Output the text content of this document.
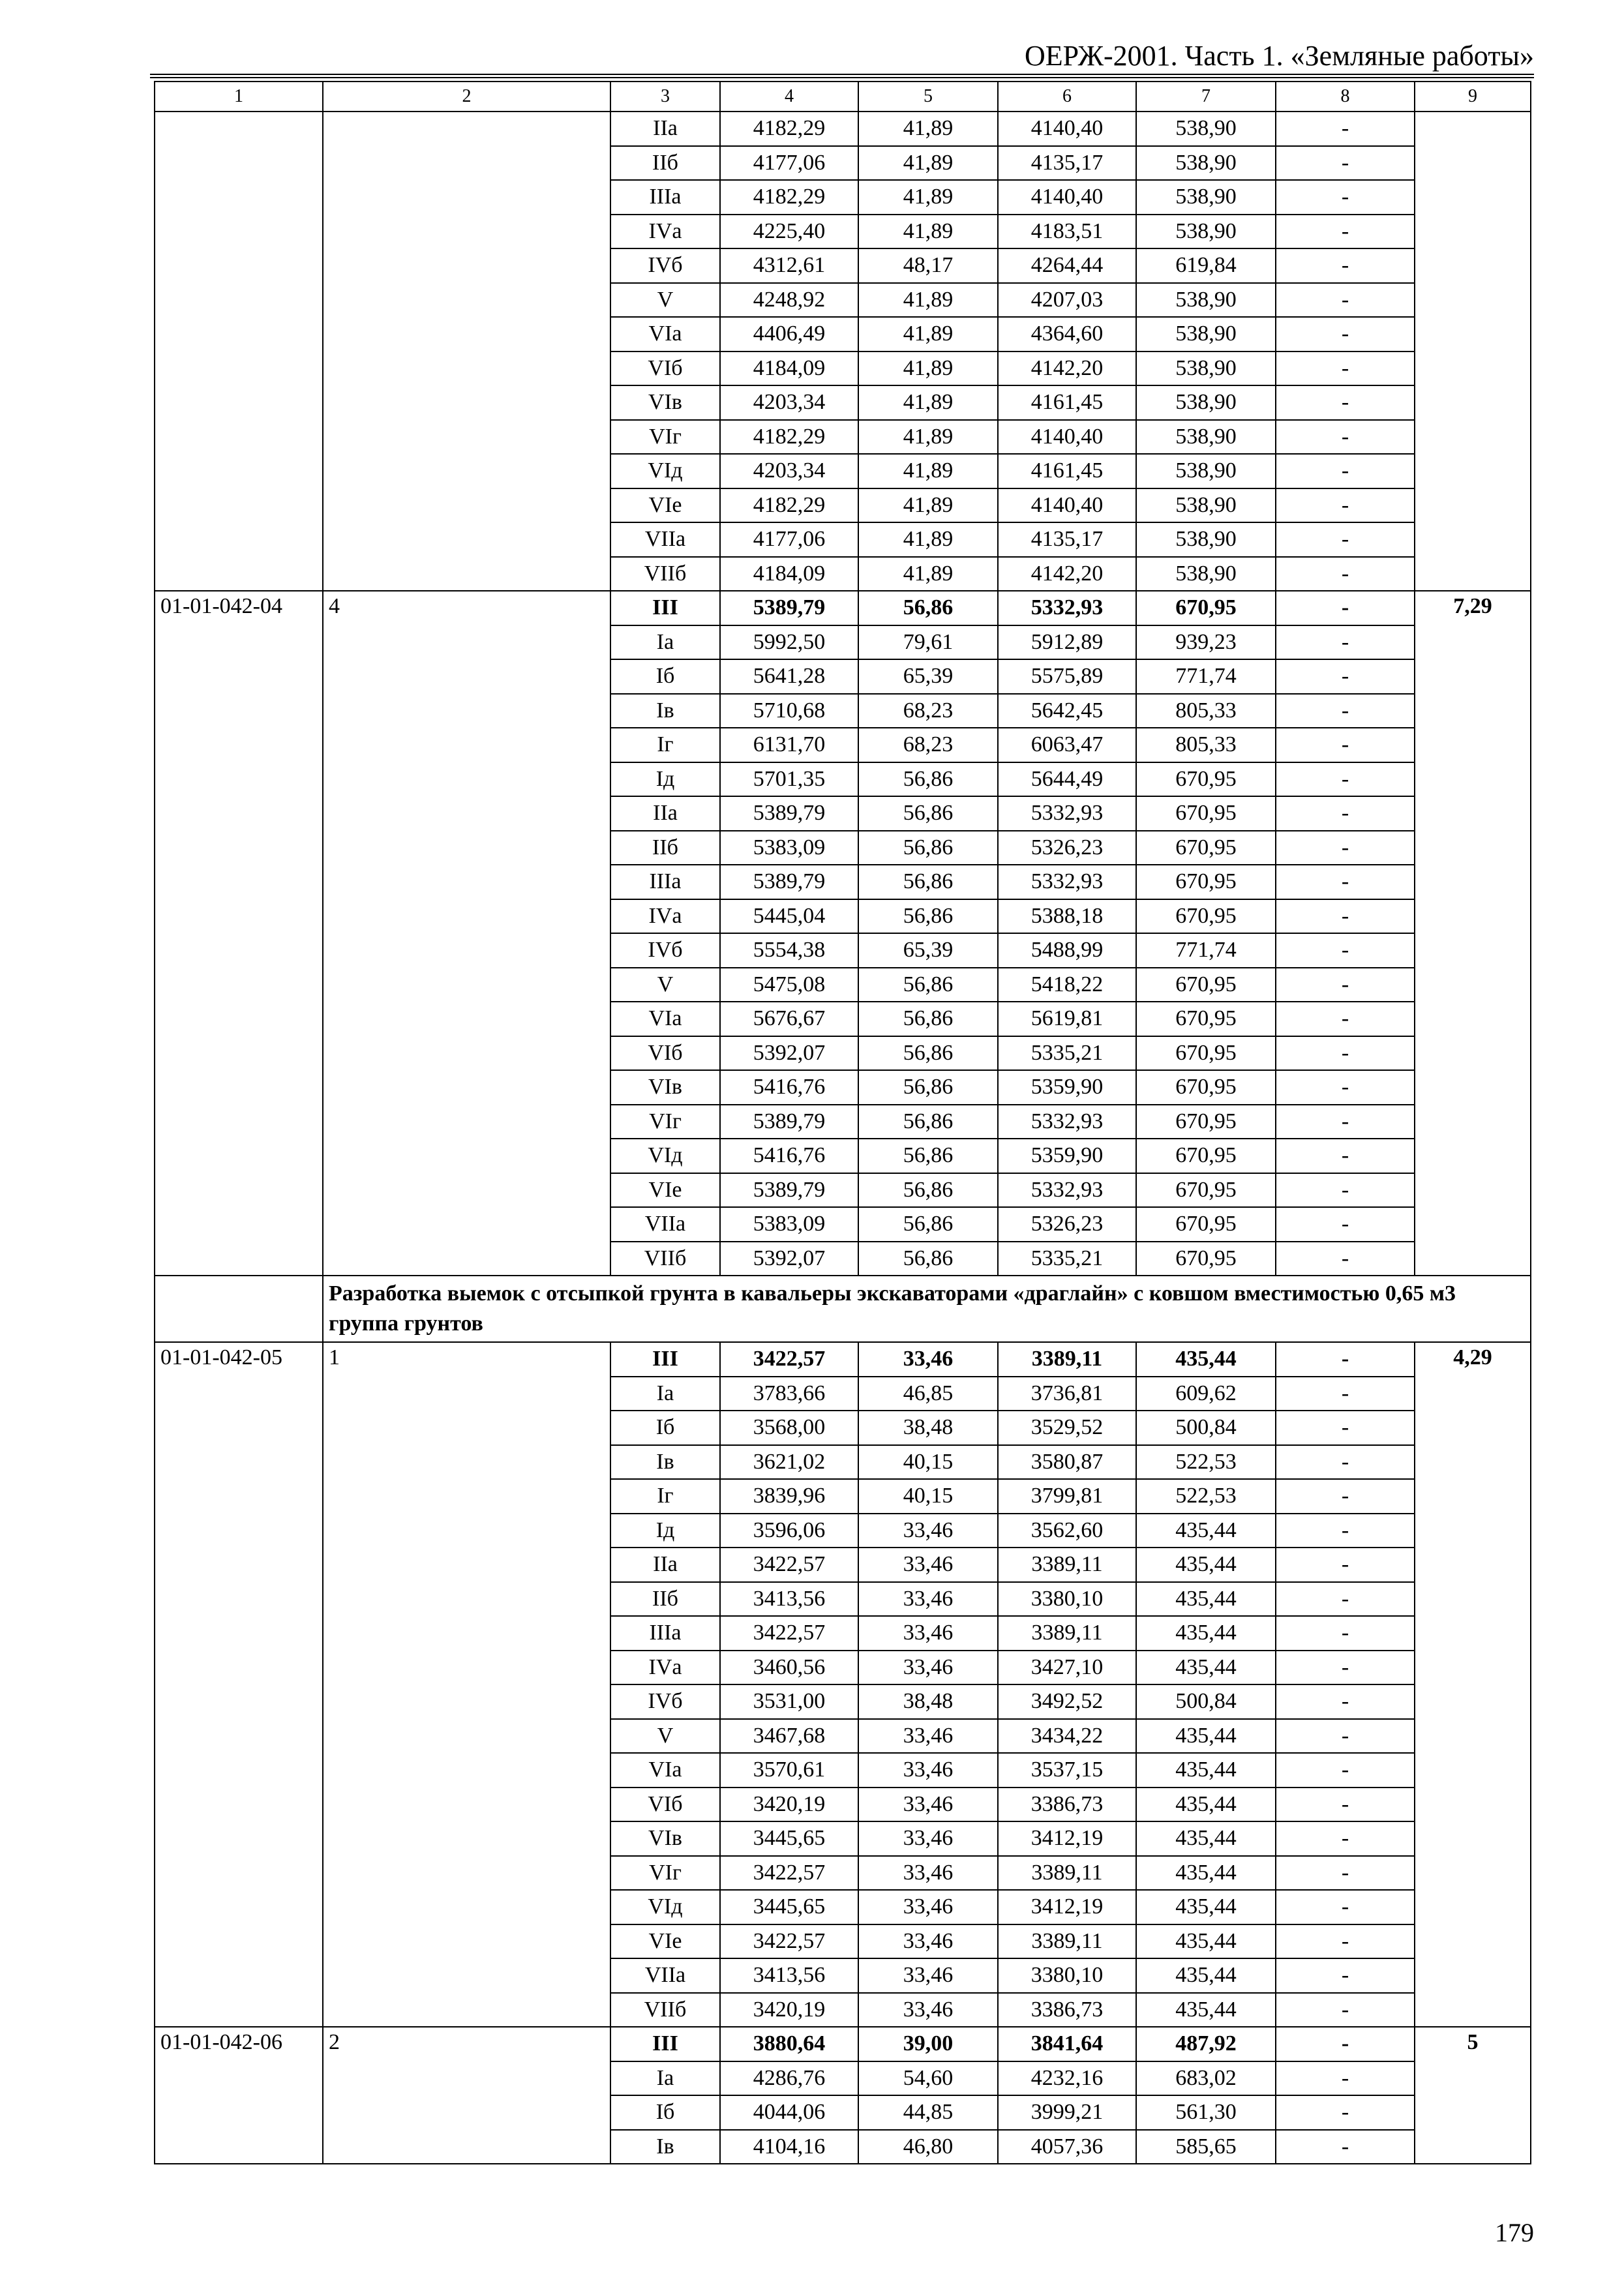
ОЕРЖ-2001. Часть 1. «Земляные работы»
1	2	3	4	5	6	7	8	9
		IIа	4182,29	41,89	4140,40	538,90	-	
		IIб	4177,06	41,89	4135,17	538,90	-	
		IIIа	4182,29	41,89	4140,40	538,90	-	
		IVа	4225,40	41,89	4183,51	538,90	-	
		IVб	4312,61	48,17	4264,44	619,84	-	
		V	4248,92	41,89	4207,03	538,90	-	
		VIа	4406,49	41,89	4364,60	538,90	-	
		VIб	4184,09	41,89	4142,20	538,90	-	
		VIв	4203,34	41,89	4161,45	538,90	-	
		VIг	4182,29	41,89	4140,40	538,90	-	
		VIд	4203,34	41,89	4161,45	538,90	-	
		VIе	4182,29	41,89	4140,40	538,90	-	
		VIIа	4177,06	41,89	4135,17	538,90	-	
		VIIб	4184,09	41,89	4142,20	538,90	-	
01-01-042-04	4	III	5389,79	56,86	5332,93	670,95	-	7,29
		Iа	5992,50	79,61	5912,89	939,23	-	
		Iб	5641,28	65,39	5575,89	771,74	-	
		Iв	5710,68	68,23	5642,45	805,33	-	
		Iг	6131,70	68,23	6063,47	805,33	-	
		Iд	5701,35	56,86	5644,49	670,95	-	
		IIа	5389,79	56,86	5332,93	670,95	-	
		IIб	5383,09	56,86	5326,23	670,95	-	
		IIIа	5389,79	56,86	5332,93	670,95	-	
		IVа	5445,04	56,86	5388,18	670,95	-	
		IVб	5554,38	65,39	5488,99	771,74	-	
		V	5475,08	56,86	5418,22	670,95	-	
		VIа	5676,67	56,86	5619,81	670,95	-	
		VIб	5392,07	56,86	5335,21	670,95	-	
		VIв	5416,76	56,86	5359,90	670,95	-	
		VIг	5389,79	56,86	5332,93	670,95	-	
		VIд	5416,76	56,86	5359,90	670,95	-	
		VIе	5389,79	56,86	5332,93	670,95	-	
		VIIа	5383,09	56,86	5326,23	670,95	-	
		VIIб	5392,07	56,86	5335,21	670,95	-	
	Разработка выемок с отсыпкой грунта в кавальеры экскаваторами «драглайн» с ковшом вместимостью 0,65 м3 группа грунтов							
01-01-042-05	1	III	3422,57	33,46	3389,11	435,44	-	4,29
		Iа	3783,66	46,85	3736,81	609,62	-	
		Iб	3568,00	38,48	3529,52	500,84	-	
		Iв	3621,02	40,15	3580,87	522,53	-	
		Iг	3839,96	40,15	3799,81	522,53	-	
		Iд	3596,06	33,46	3562,60	435,44	-	
		IIа	3422,57	33,46	3389,11	435,44	-	
		IIб	3413,56	33,46	3380,10	435,44	-	
		IIIа	3422,57	33,46	3389,11	435,44	-	
		IVа	3460,56	33,46	3427,10	435,44	-	
		IVб	3531,00	38,48	3492,52	500,84	-	
		V	3467,68	33,46	3434,22	435,44	-	
		VIа	3570,61	33,46	3537,15	435,44	-	
		VIб	3420,19	33,46	3386,73	435,44	-	
		VIв	3445,65	33,46	3412,19	435,44	-	
		VIг	3422,57	33,46	3389,11	435,44	-	
		VIд	3445,65	33,46	3412,19	435,44	-	
		VIе	3422,57	33,46	3389,11	435,44	-	
		VIIа	3413,56	33,46	3380,10	435,44	-	
		VIIб	3420,19	33,46	3386,73	435,44	-	
01-01-042-06	2	III	3880,64	39,00	3841,64	487,92	-	5
		Iа	4286,76	54,60	4232,16	683,02	-	
		Iб	4044,06	44,85	3999,21	561,30	-	
		Iв	4104,16	46,80	4057,36	585,65	-	
179
